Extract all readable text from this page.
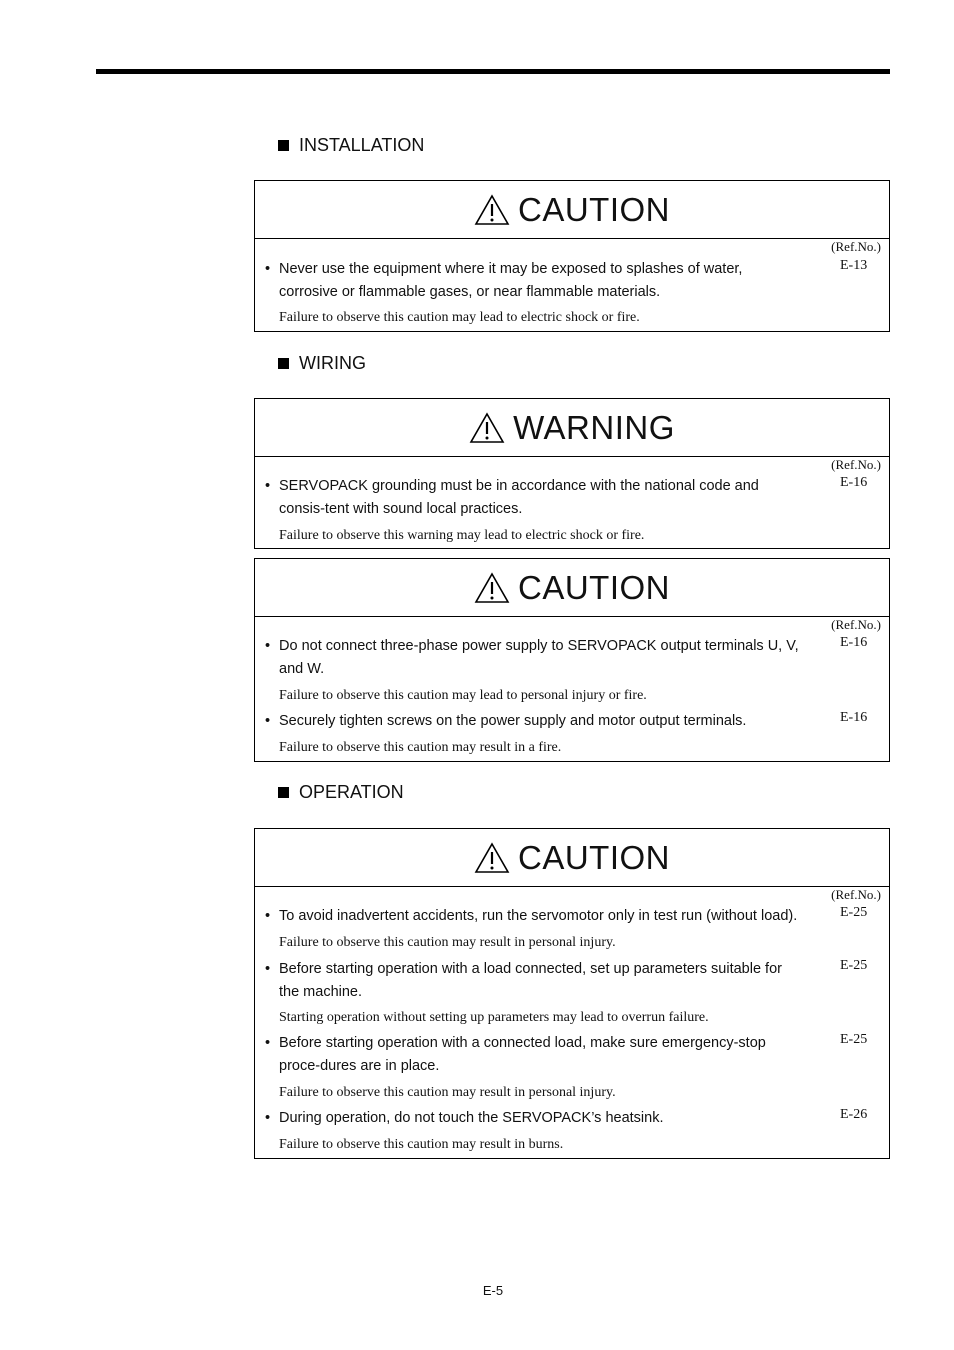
INSTALLATION
CAUTION
(Ref.No.)
E-13
• Never use the equipment where it may be exposed to splashes of water, corrosive or flammable gases, or near flammable materials.
Failure to observe this caution may lead to electric shock or fire.
WIRING
WARNING
(Ref.No.)
E-16
• SERVOPACK grounding must be in accordance with the national code and consis-tent with sound local practices.
Failure to observe this warning may lead to electric shock or fire.
CAUTION
(Ref.No.)
E-16
• Do not connect three-phase power supply to SERVOPACK output terminals U, V, and W.
Failure to observe this caution may lead to personal injury or fire.
E-16
• Securely tighten screws on the power supply and motor output terminals.
Failure to observe this caution may result in a fire.
OPERATION
CAUTION
(Ref.No.)
E-25
• To avoid inadvertent accidents, run the servomotor only in test run (without load).
Failure to observe this caution may result in personal injury.
E-25
• Before starting operation with a load connected, set up parameters suitable for the machine.
Starting operation without setting up parameters may lead to overrun failure.
E-25
• Before starting operation with a connected load, make sure emergency-stop proce-dures are in place.
Failure to observe this caution may result in personal injury.
E-26
• During operation, do not touch the SERVOPACK’s heatsink.
Failure to observe this caution may result in burns.
E-5
